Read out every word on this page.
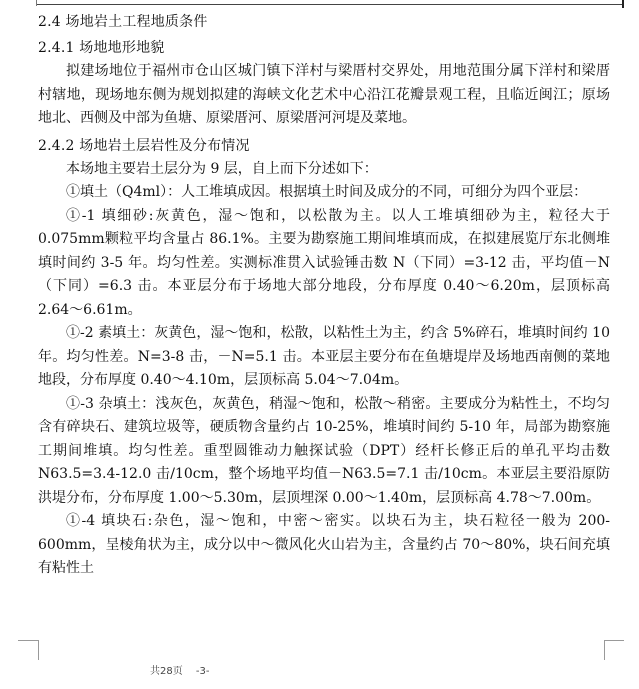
2.4 场地岩土工程地质条件

2.4.1 场地地形地貌

拟建场地位于福州市仓山区城门镇下洋村与梁厝村交界处，用地范围分属下洋村和梁厝村辖地，现场地东侧为规划拟建的海峡文化艺术中心沿江花瓣景观工程，且临近闽江；原场地北、西侧及中部为鱼塘、原梁厝河、原梁厝河河堤及菜地。

2.4.2 场地岩土层岩性及分布情况

本场地主要岩土层分为 9 层，自上而下分述如下：

①填土（Q4ml）：人工堆填成因。根据填土时间及成分的不同，可细分为四个亚层：

①-1 填细砂:灰黄色，湿～饱和，以松散为主。以人工堆填细砂为主，粒径大于 0.075mm颗粒平均含量占 86.1%。主要为勘察施工期间堆填而成，在拟建展览厅东北侧堆填时间约 3-5 年。均匀性差。实测标准贯入试验锤击数 N（下同）=3-12 击，平均值－N（下同）=6.3 击。本亚层分布于场地大部分地段，分布厚度 0.40～6.20m，层顶标高 2.64～6.61m。

①-2 素填土：灰黄色，湿～饱和，松散，以粘性土为主，约含 5%碎石，堆填时间约 10 年。均匀性差。N=3-8 击，－N=5.1 击。本亚层主要分布在鱼塘堤岸及场地西南侧的菜地地段，分布厚度 0.40～4.10m，层顶标高 5.04～7.04m。

①-3 杂填土：浅灰色，灰黄色，稍湿～饱和，松散～稍密。主要成分为粘性土，不均匀含有碎块石、建筑垃圾等，硬质物含量约占 10-25%，堆填时间约 5-10 年，局部为勘察施工期间堆填。均匀性差。重型圆锥动力触探试验（DPT）经杆长修正后的单孔平均击数 N63.5=3.4-12.0 击/10cm，整个场地平均值－N63.5=7.1 击/10cm。本亚层主要沿原防洪堤分布，分布厚度 1.00～5.30m，层顶埋深 0.00～1.40m，层顶标高 4.78～7.00m。

①-4 填块石:杂色，湿～饱和，中密～密实。以块石为主，块石粒径一般为 200-600mm，呈棱角状为主，成分以中～微风化火山岩为主，含量约占 70～80%，块石间充填有粘性土

共28页 -3-
